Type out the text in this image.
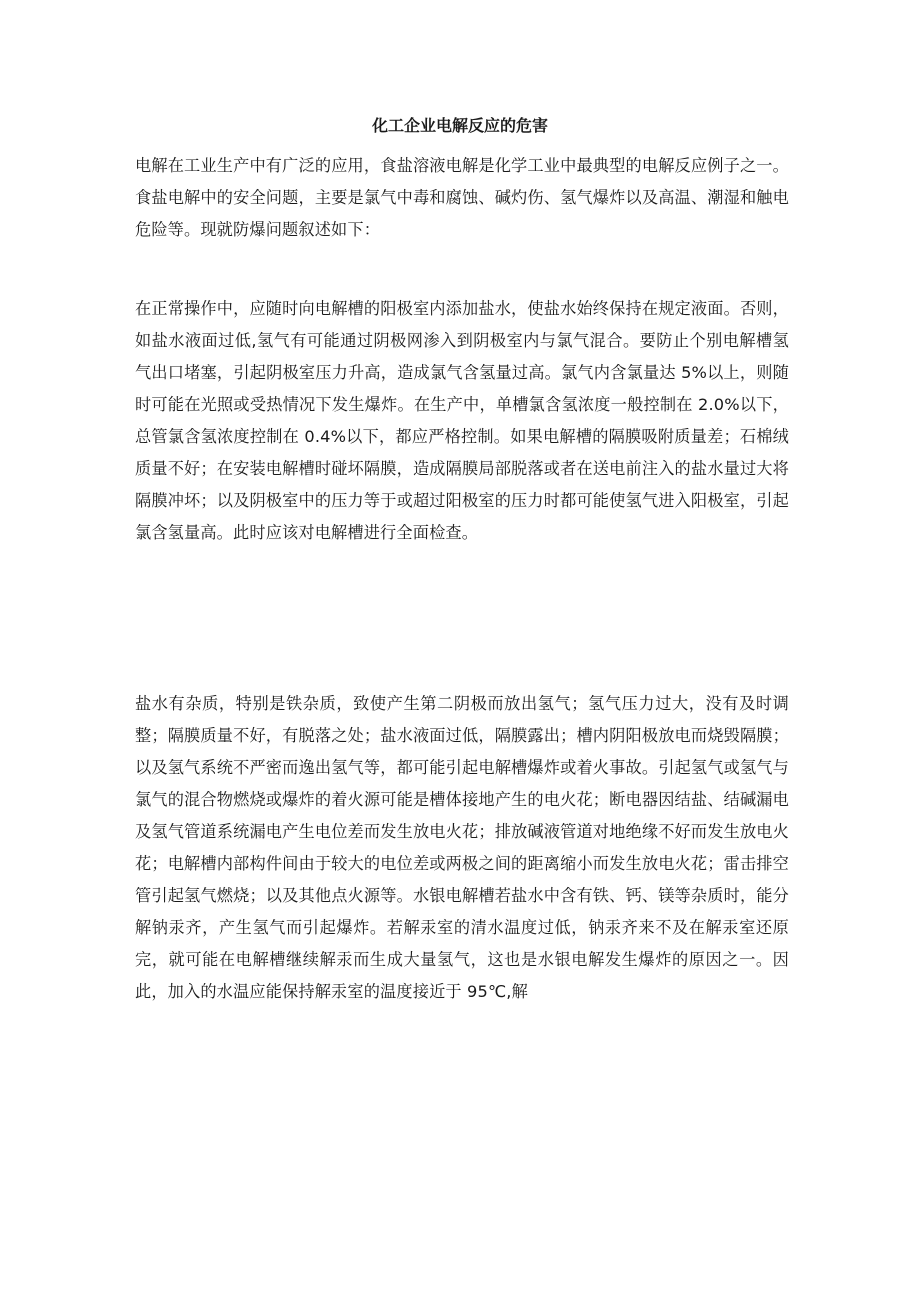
化工企业电解反应的危害

电解在工业生产中有广泛的应用，食盐溶液电解是化学工业中最典型的电解反应例子之一。食盐电解中的安全问题，主要是氯气中毒和腐蚀、碱灼伤、氢气爆炸以及高温、潮湿和触电危险等。现就防爆问题叙述如下：

在正常操作中，应随时向电解槽的阳极室内添加盐水，使盐水始终保持在规定液面。否则，如盐水液面过低,氢气有可能通过阴极网渗入到阴极室内与氯气混合。要防止个别电解槽氢气出口堵塞，引起阴极室压力升高，造成氯气含氢量过高。氯气内含氯量达 5%以上，则随时可能在光照或受热情况下发生爆炸。在生产中，单槽氯含氢浓度一般控制在 2.0%以下，总管氯含氢浓度控制在 0.4%以下，都应严格控制。如果电解槽的隔膜吸附质量差；石棉绒质量不好；在安装电解槽时碰坏隔膜，造成隔膜局部脱落或者在送电前注入的盐水量过大将隔膜冲坏；以及阴极室中的压力等于或超过阳极室的压力时都可能使氢气进入阳极室，引起氯含氢量高。此时应该对电解槽进行全面检查。

盐水有杂质，特别是铁杂质，致使产生第二阴极而放出氢气；氢气压力过大，没有及时调整；隔膜质量不好，有脱落之处；盐水液面过低，隔膜露出；槽内阴阳极放电而烧毁隔膜；以及氢气系统不严密而逸出氢气等，都可能引起电解槽爆炸或着火事故。引起氢气或氢气与氯气的混合物燃烧或爆炸的着火源可能是槽体接地产生的电火花；断电器因结盐、结碱漏电及氢气管道系统漏电产生电位差而发生放电火花；排放碱液管道对地绝缘不好而发生放电火花；电解槽内部构件间由于较大的电位差或两极之间的距离缩小而发生放电火花；雷击排空管引起氢气燃烧；以及其他点火源等。水银电解槽若盐水中含有铁、钙、镁等杂质时，能分解钠汞齐，产生氢气而引起爆炸。若解汞室的清水温度过低，钠汞齐来不及在解汞室还原完，就可能在电解槽继续解汞而生成大量氢气，这也是水银电解发生爆炸的原因之一。因此，加入的水温应能保持解汞室的温度接近于 95℃,解
